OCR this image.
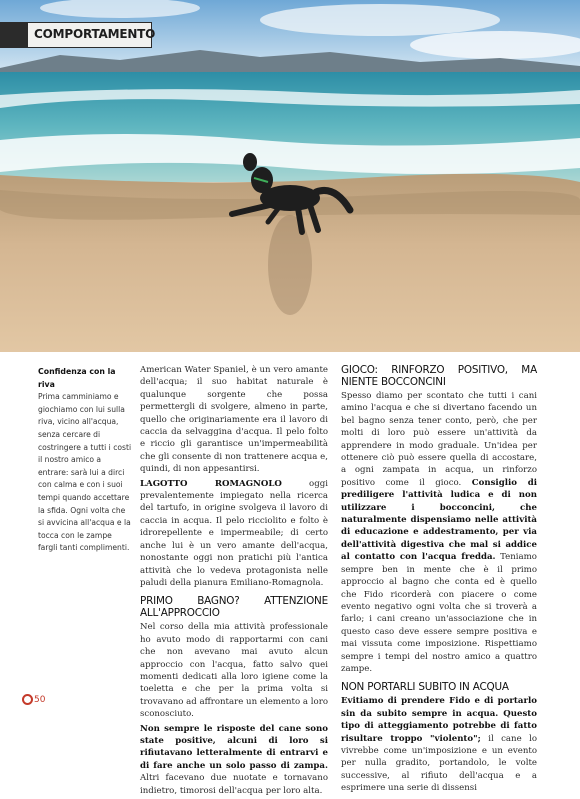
COMPORTAMENTO
Confidenza con la riva

Prima camminiamo e giochiamo con lui sulla riva, vicino all'acqua, senza cercare di costringere a tutti i costi il nostro amico a entrare: sarà lui a dirci con calma e con i suoi tempi quando accettare la sfida. Ogni volta che si avvicina all'acqua e la tocca con le zampe fargli tanti complimenti.

American Water Spaniel, è un vero amante dell'acqua; il suo habitat naturale è qualunque sorgente che possa permettergli di svolgere, almeno in parte, quello che originariamente era il lavoro di caccia da selvaggina d'acqua. Il pelo folto e riccio gli garantisce un'impermeabilità che gli consente di non trattenere acqua e, quindi, di non appesantirsi.

LAGOTTO ROMAGNOLO oggi prevalentemente impiegato nella ricerca del tartufo, in origine svolgeva il lavoro di caccia in acqua. Il pelo ricciolito e folto è idrorepellente e impermeabile; di certo anche lui è un vero amante dell'acqua, nonostante oggi non pratichi più l'antica attività che lo vedeva protagonista nelle paludi della pianura Emiliano-Romagnola.

PRIMO BAGNO? ATTENZIONE ALL'APPROCCIO

Nel corso della mia attività professionale ho avuto modo di rapportarmi con cani che non avevano mai avuto alcun approccio con l'acqua, fatto salvo quei momenti dedicati alla loro igiene come la toeletta e che per la prima volta si trovavano ad affrontare un elemento a loro sconosciuto.

Non sempre le risposte del cane sono state positive, alcuni di loro si rifiutavano letteralmente di entrarvi e di fare anche un solo passo di zampa. Altri facevano due nuotate e tornavano indietro, timorosi dell'acqua per loro alta.

GIOCO: RINFORZO POSITIVO, MA NIENTE BOCCONCINI

Spesso diamo per scontato che tutti i cani amino l'acqua e che si divertano facendo un bel bagno senza tener conto, però, che per molti di loro può essere un'attività da apprendere in modo graduale. Un'idea per ottenere ciò può essere quella di accostare, a ogni zampata in acqua, un rinforzo positivo come il gioco. Consiglio di prediligere l'attività ludica e di non utilizzare i bocconcini, che naturalmente dispensiamo nelle attività di educazione e addestramento, per via dell'attività digestiva che mal si addice al contatto con l'acqua fredda. Teniamo sempre ben in mente che è il primo approccio al bagno che conta ed è quello che Fido ricorderà con piacere o come evento negativo ogni volta che si troverà a farlo; i cani creano un'associazione che in questo caso deve essere sempre positiva e mai vissuta come imposizione. Rispettiamo sempre i tempi del nostro amico a quattro zampe.

NON PORTARLI SUBITO IN ACQUA

Evitiamo di prendere Fido e di portarlo sin da subito sempre in acqua. Questo tipo di atteggiamento potrebbe di fatto risultare troppo "violento"; il cane lo vivrebbe come un'imposizione e un evento per nulla gradito, portandolo, le volte successive, al rifiuto dell'acqua e a esprimere una serie di dissensi

50
